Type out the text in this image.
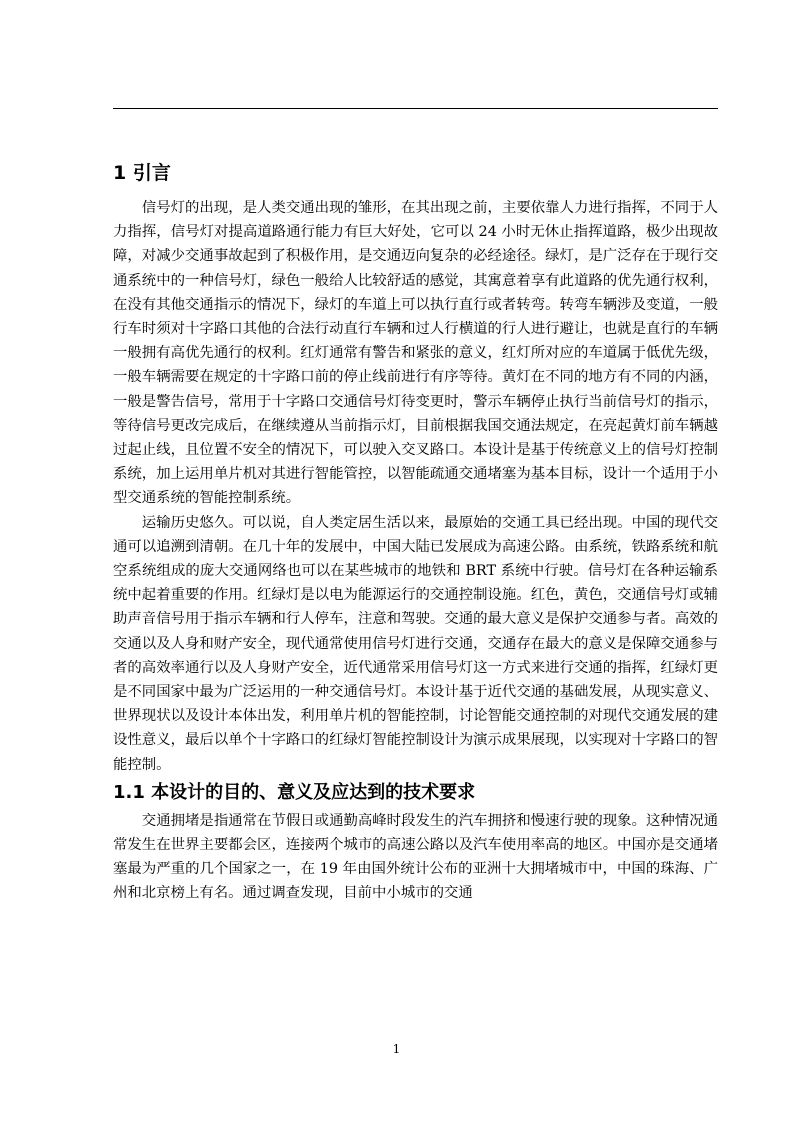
1 引言

信号灯的出现，是人类交通出现的雏形，在其出现之前，主要依靠人力进行指挥，不同于人力指挥，信号灯对提高道路通行能力有巨大好处，它可以 24 小时无休止指挥道路，极少出现故障，对减少交通事故起到了积极作用，是交通迈向复杂的必经途径。绿灯，是广泛存在于现行交通系统中的一种信号灯，绿色一般给人比较舒适的感觉，其寓意着享有此道路的优先通行权利，在没有其他交通指示的情况下，绿灯的车道上可以执行直行或者转弯。转弯车辆涉及变道，一般行车时须对十字路口其他的合法行动直行车辆和过人行横道的行人进行避让，也就是直行的车辆一般拥有高优先通行的权利。红灯通常有警告和紧张的意义，红灯所对应的车道属于低优先级，一般车辆需要在规定的十字路口前的停止线前进行有序等待。黄灯在不同的地方有不同的内涵，一般是警告信号，常用于十字路口交通信号灯待变更时，警示车辆停止执行当前信号灯的指示，等待信号更改完成后，在继续遵从当前指示灯，目前根据我国交通法规定，在亮起黄灯前车辆越过起止线，且位置不安全的情况下，可以驶入交叉路口。本设计是基于传统意义上的信号灯控制系统，加上运用单片机对其进行智能管控，以智能疏通交通堵塞为基本目标，设计一个适用于小型交通系统的智能控制系统。

运输历史悠久。可以说，自人类定居生活以来，最原始的交通工具已经出现。中国的现代交通可以追溯到清朝。在几十年的发展中，中国大陆已发展成为高速公路。由系统，铁路系统和航空系统组成的庞大交通网络也可以在某些城市的地铁和 BRT 系统中行驶。信号灯在各种运输系统中起着重要的作用。红绿灯是以电为能源运行的交通控制设施。红色，黄色，交通信号灯或辅助声音信号用于指示车辆和行人停车，注意和驾驶。交通的最大意义是保护交通参与者。高效的交通以及人身和财产安全，现代通常使用信号灯进行交通，交通存在最大的意义是保障交通参与者的高效率通行以及人身财产安全，近代通常采用信号灯这一方式来进行交通的指挥，红绿灯更是不同国家中最为广泛运用的一种交通信号灯。本设计基于近代交通的基础发展，从现实意义、世界现状以及设计本体出发，利用单片机的智能控制，讨论智能交通控制的对现代交通发展的建设性意义，最后以单个十字路口的红绿灯智能控制设计为演示成果展现，以实现对十字路口的智能控制。

1.1 本设计的目的、意义及应达到的技术要求

交通拥堵是指通常在节假日或通勤高峰时段发生的汽车拥挤和慢速行驶的现象。这种情况通常发生在世界主要都会区，连接两个城市的高速公路以及汽车使用率高的地区。中国亦是交通堵塞最为严重的几个国家之一，在 19 年由国外统计公布的亚洲十大拥堵城市中，中国的珠海、广州和北京榜上有名。通过调查发现，目前中小城市的交通

1
